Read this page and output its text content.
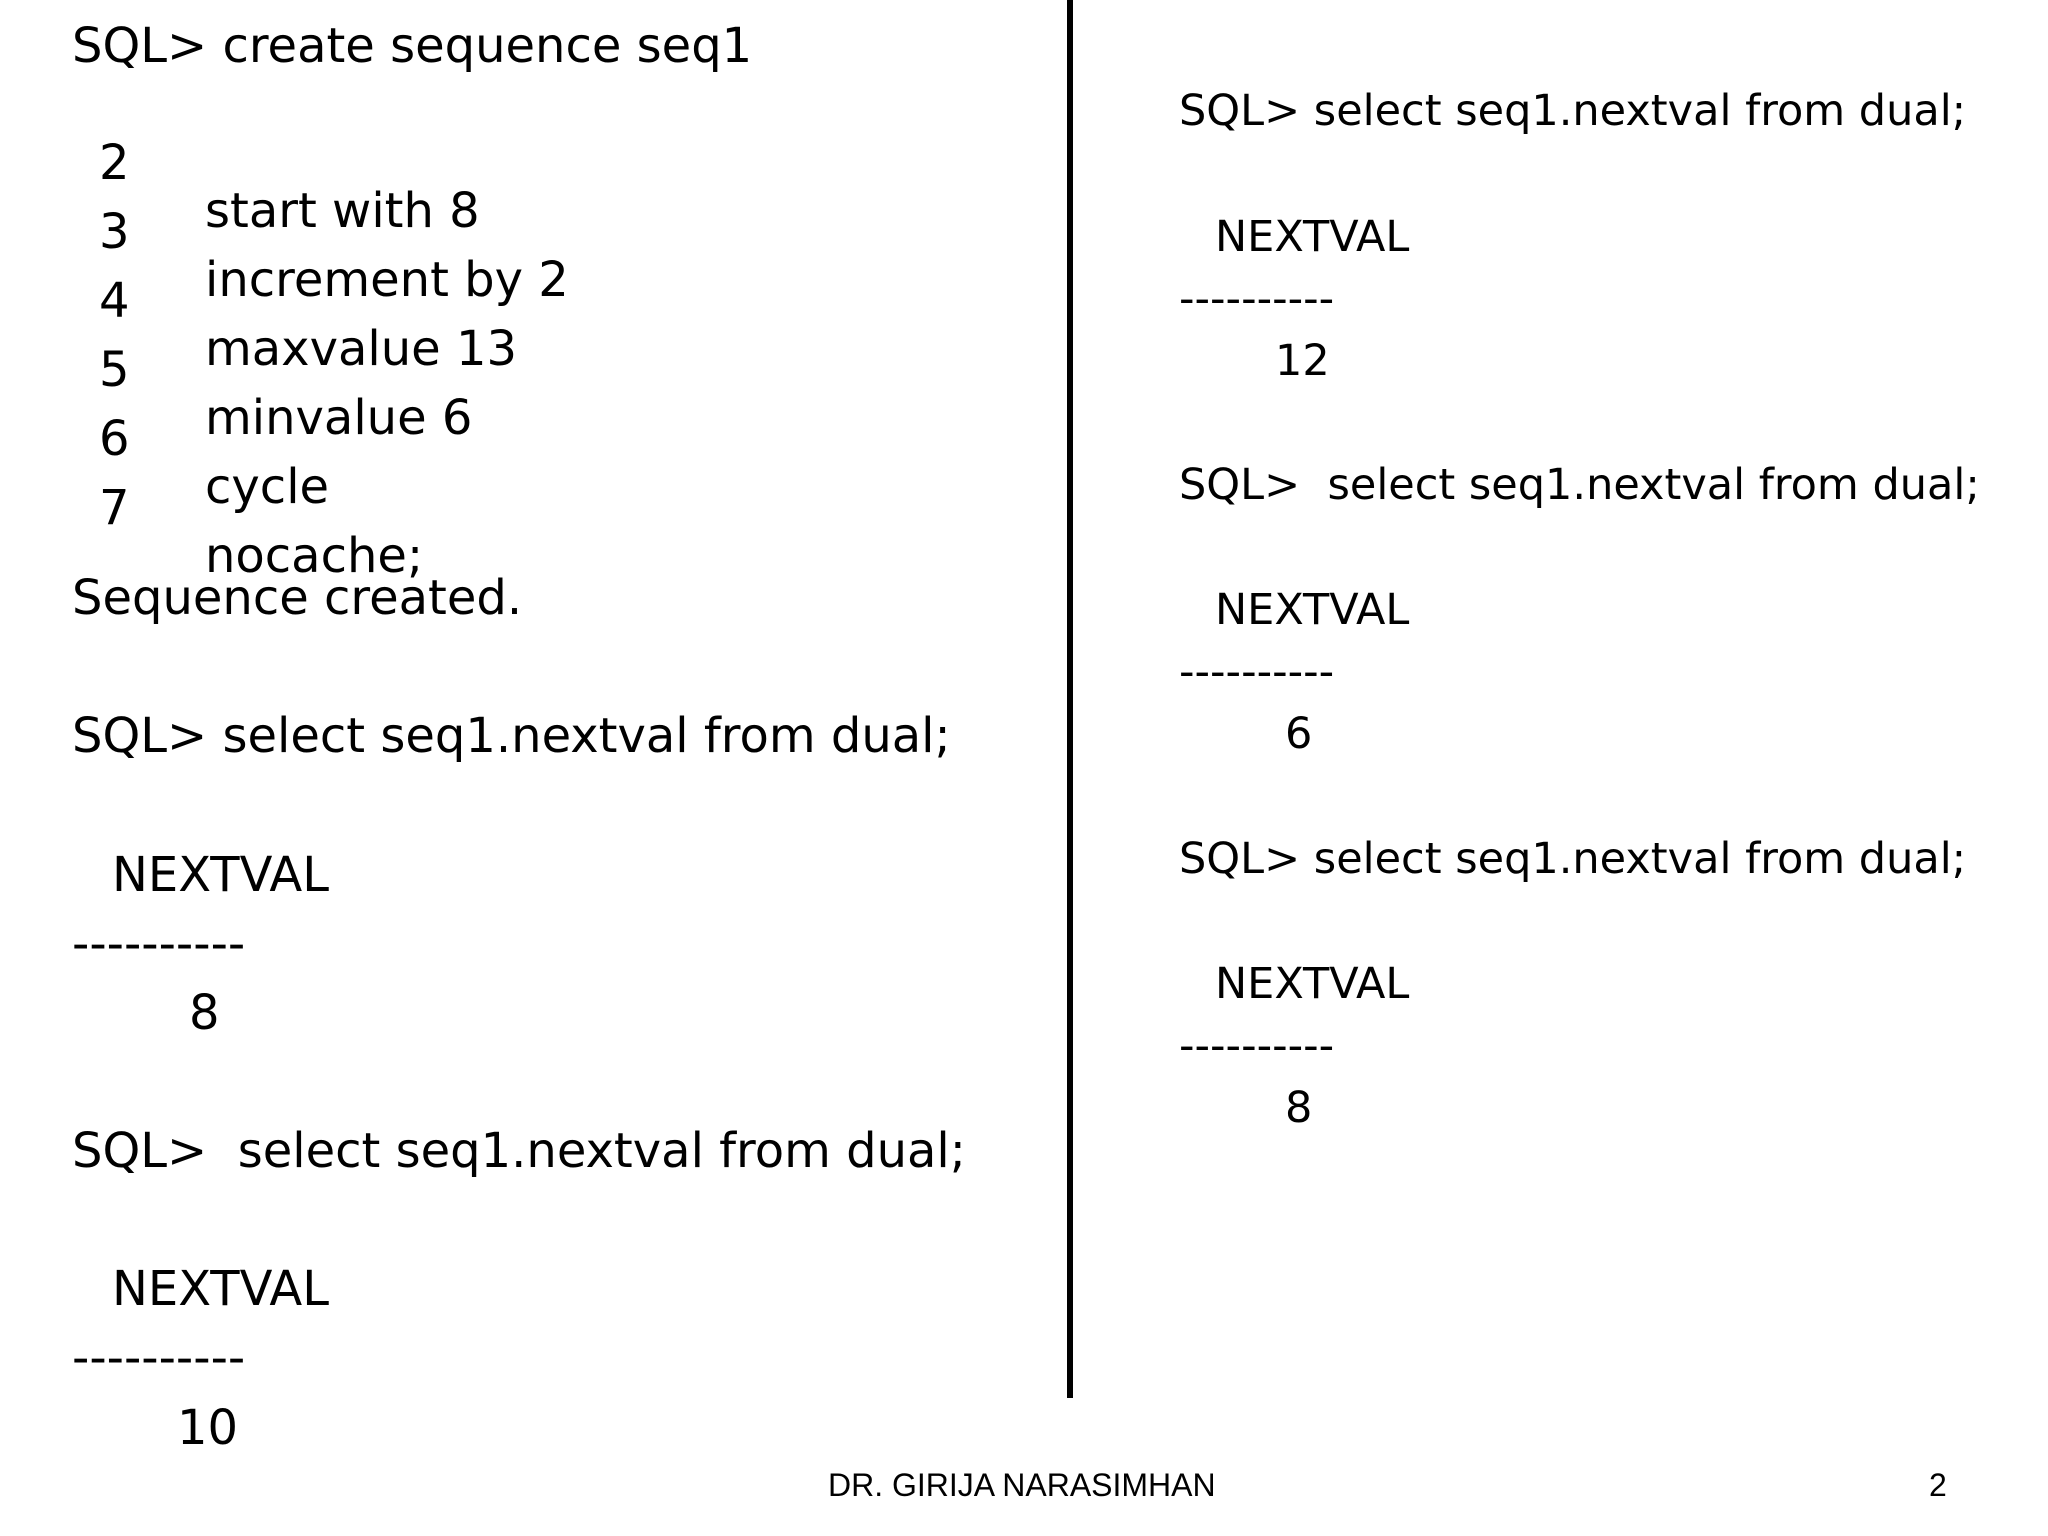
SQL> create sequence seq1

2

start with 8

3

increment by 2

4

maxvalue 13

5

minvalue 6

6

cycle

7

nocache;

Sequence created.
SQL> select seq1.nextval from dual;
NEXTVAL
----------
8
SQL>  select seq1.nextval from dual;
NEXTVAL
----------
10
SQL> select seq1.nextval from dual;
NEXTVAL
----------
12
SQL>  select seq1.nextval from dual;
NEXTVAL
----------
6
SQL> select seq1.nextval from dual;
NEXTVAL
----------
8
DR. GIRIJA NARASIMHAN	2
